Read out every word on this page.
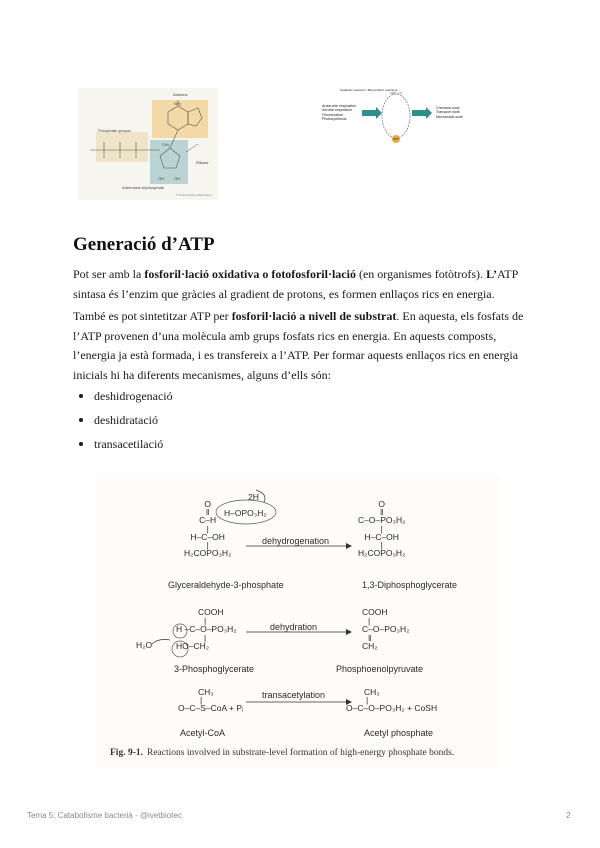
Adenine
NH₂
Phosphate groups
CH₂
Ribose
OH	OH
Adenosine triphosphate
© 2011 Pearson Education
Catabolic reactions / Biosynthetic reactions
Anaerobic respiration
Aerobic respiration
Fermentation
Photosynthesis
Chemical work
Transport work
Mechanical work
ATP
ADP + Pi
Generació d’ATP

Pot ser amb la fosforil·lació oxidativa o fotofosforil·lació (en organismes fotòtrofs). L’ATP sintasa és l’enzim que gràcies al gradient de protons, es formen enllaços rics en energia.

També es pot sintetitzar ATP per fosforil·lació a nivell de substrat. En aquesta, els fosfats de l’ATP provenen d’una molècula amb grups fosfats rics en energia. En aquests composts, l’energia ja està formada, i es transfereix a l’ATP. Per formar aquests enllaços rics en energia inicials hi ha diferents mecanismes, alguns d’ells són:

deshidrogenació
deshidratació
transacetilació
2H
H–OPO₃H₂
O
‖
C–H
|
H–C–OH
|
H₂COPO₃H₂
dehydrogenation
O
‖
C–O–PO₃H₂
|
H–C–OH
|
H₂COPO₃H₂
Glyceraldehyde-3-phosphate	1,3-Diphosphoglycerate
H₂O
COOH
|
H –C–O–PO₃H₂
|
HO–CH₂
dehydration
COOH
|
C–O–PO₃H₂
‖
CH₂
3-Phosphoglycerate	Phosphoenolpyruvate
CH₃
|
O–C–S–CoA + Pᵢ
transacetylation	CH₃
|
O–C–O–PO₃H₂ + CoSH
Acetyl-CoA	Acetyl phosphate
Fig. 9-1. Reactions involved in substrate-level formation of high-energy phosphate bonds.
Tema 5: Catabolisme bacterià - @ivetbiotec	2
